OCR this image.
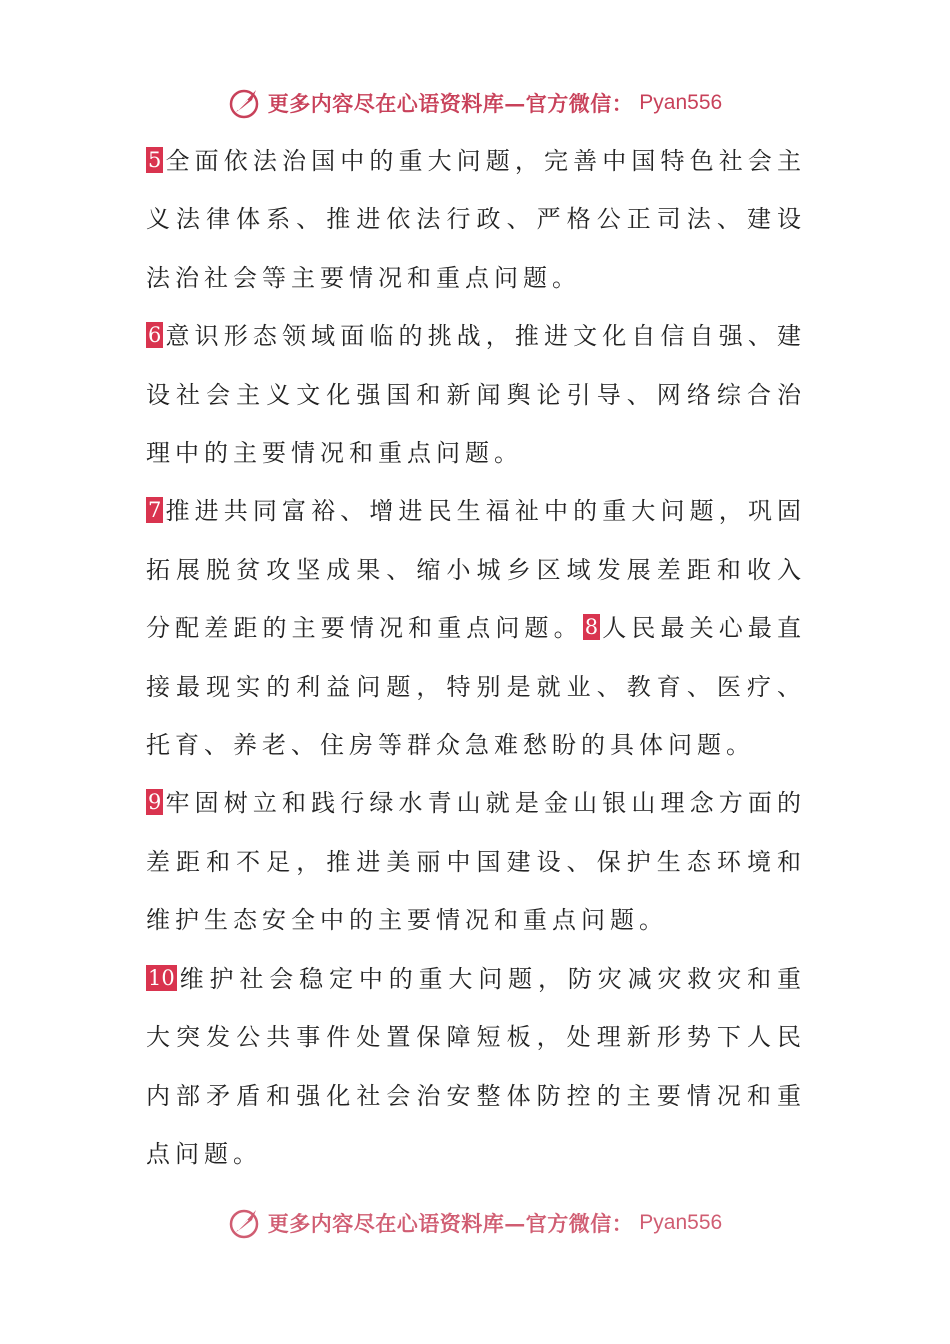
更多内容尽在心语资料库—官方微信： Pyan556

5 全面依法治国中的重大问题，完善中国特色社会主义法律体系、推进依法行政、严格公正司法、建设法治社会等主要情况和重点问题。

6 意识形态领域面临的挑战，推进文化自信自强、建设社会主义文化强国和新闻舆论引导、网络综合治理中的主要情况和重点问题。

7 推进共同富裕、增进民生福祉中的重大问题，巩固拓展脱贫攻坚成果、缩小城乡区域发展差距和收入分配差距的主要情况和重点问题。8 人民最关心最直接最现实的利益问题，特别是就业、教育、医疗、托育、养老、住房等群众急难愁盼的具体问题。

9 牢固树立和践行绿水青山就是金山银山理念方面的差距和不足，推进美丽中国建设、保护生态环境和维护生态安全中的主要情况和重点问题。

10 维护社会稳定中的重大问题，防灾减灾救灾和重大突发公共事件处置保障短板，处理新形势下人民内部矛盾和强化社会治安整体防控的主要情况和重点问题。

更多内容尽在心语资料库—官方微信： Pyan556
